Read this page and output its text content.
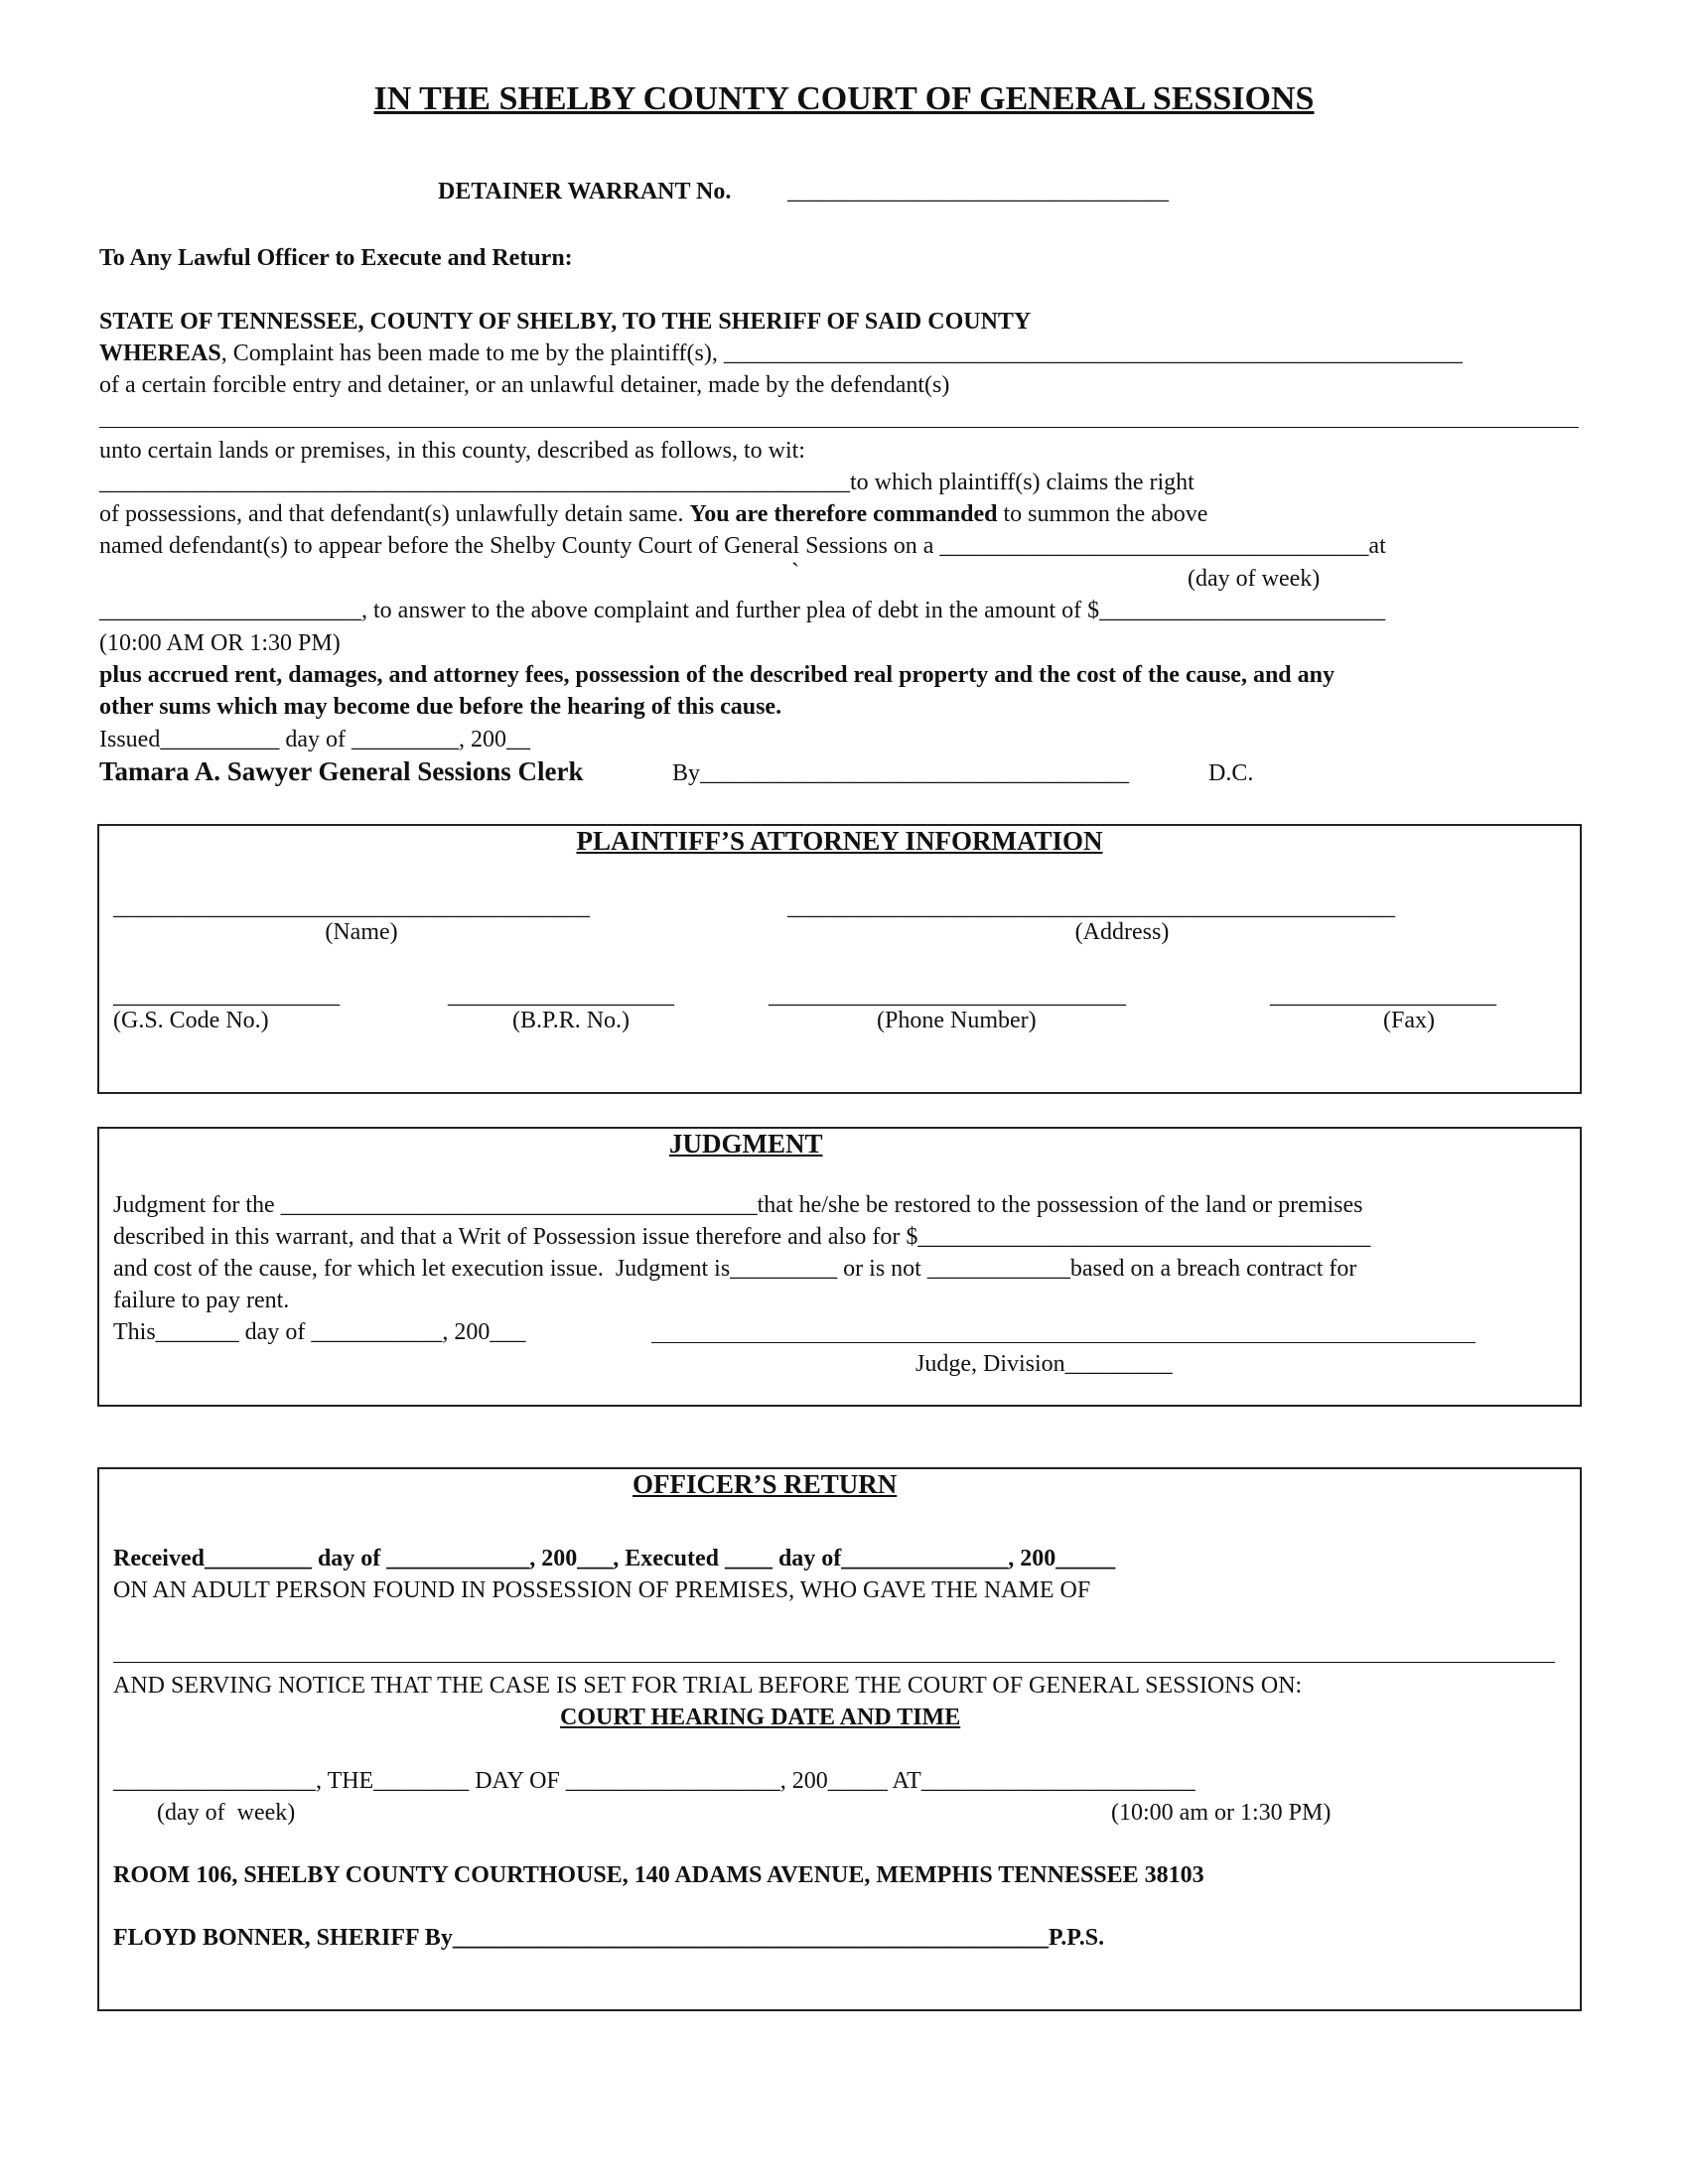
IN THE SHELBY COUNTY COURT OF GENERAL SESSIONS
DETAINER WARRANT No. ________________________________
To Any Lawful Officer to Execute and Return:
STATE OF TENNESSEE, COUNTY OF SHELBY, TO THE SHERIFF OF SAID COUNTY
WHEREAS, Complaint has been made to me by the plaintiff(s), ______________________________________________________________
of a certain forcible entry and detainer, or an unlawful detainer, made by the defendant(s)
unto certain lands or premises, in this county, described as follows, to wit:
_______________________________________________________________to which plaintiff(s) claims the right
of possessions, and that defendant(s) unlawfully detain same. You are therefore commanded to summon the above
named defendant(s) to appear before the Shelby County Court of General Sessions on a ____________________________________at
`	(day of week)
______________________, to answer to the above complaint and further plea of debt in the amount of $________________________
(10:00 AM OR 1:30 PM)
plus accrued rent, damages, and attorney fees, possession of the described real property and the cost of the cause, and any
other sums which may become due before the hearing of this cause.
Issued__________ day of _________, 200__
Tamara A. Sawyer General Sessions Clerk	By____________________________________	D.C.
PLAINTIFF’S ATTORNEY INFORMATION
________________________________________	___________________________________________________
(Name)	(Address)
___________________	___________________	______________________________	___________________
(G.S. Code No.)	(B.P.R. No.)	(Phone Number)	(Fax)
JUDGMENT
Judgment for the ________________________________________that he/she be restored to the possession of the land or premises
described in this warrant, and that a Writ of Possession issue therefore and also for $______________________________________
and cost of the cause, for which let execution issue.  Judgment is_________ or is not ____________based on a breach contract for
failure to pay rent.
This_______ day of ___________, 200___
Judge, Division_________
OFFICER’S RETURN
Received_________ day of ____________, 200___, Executed ____ day of______________, 200_____
ON AN ADULT PERSON FOUND IN POSSESSION OF PREMISES, WHO GAVE THE NAME OF
AND SERVING NOTICE THAT THE CASE IS SET FOR TRIAL BEFORE THE COURT OF GENERAL SESSIONS ON:
COURT HEARING DATE AND TIME
_________________, THE________ DAY OF __________________, 200_____ AT_______________________
(day of  week)	(10:00 am or 1:30 PM)
ROOM 106, SHELBY COUNTY COURTHOUSE, 140 ADAMS AVENUE, MEMPHIS TENNESSEE 38103
FLOYD BONNER, SHERIFF By__________________________________________________P.P.S.
